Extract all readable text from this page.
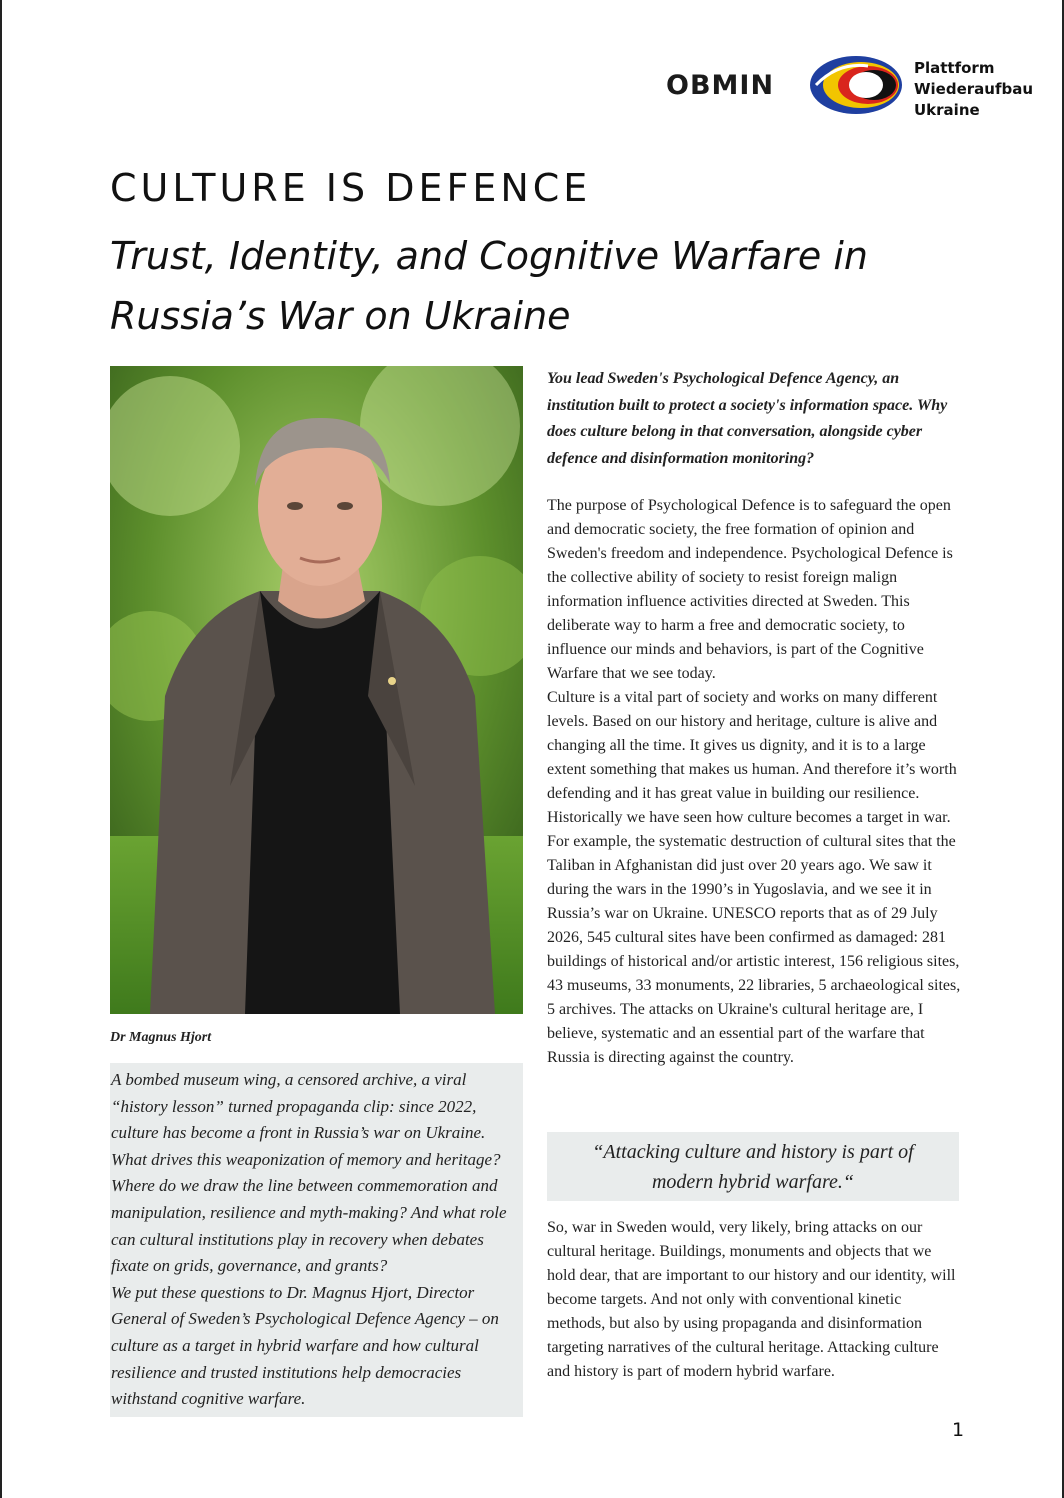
OBMIN
Plattform
Wiederaufbau
Ukraine
CULTURE IS DEFENCE
Trust, Identity, and Cognitive Warfare in
Russia’s War on Ukraine
Dr Magnus Hjort

A bombed museum wing, a censored archive, a viral “history lesson” turned propaganda clip: since 2022, culture has become a front in Russia’s war on Ukraine. What drives this weaponization of memory and heritage? Where do we draw the line between commemoration and manipulation, resilience and myth-making? And what role can cultural institutions play in recovery when debates fixate on grids, governance, and grants?

We put these questions to Dr. Magnus Hjort, Director General of Sweden’s Psychological Defence Agency – on culture as a target in hybrid warfare and how cultural resilience and trusted institutions help democracies withstand cognitive warfare.

You lead Sweden's Psychological Defence Agency, an institution built to protect a society's information space. Why does culture belong in that conversation, alongside cyber defence and disinformation monitoring?

The purpose of Psychological Defence is to safeguard the open and democratic society, the free formation of opinion and Sweden's freedom and independence. Psychological Defence is the collective ability of society to resist foreign malign information influence activities directed at Sweden. This deliberate way to harm a free and democratic society, to influence our minds and behaviors, is part of the Cognitive Warfare that we see today.

Culture is a vital part of society and works on many different levels. Based on our history and heritage, culture is alive and changing all the time. It gives us dignity, and it is to a large extent something that makes us human. And therefore it’s worth defending and it has great value in building our resilience.

Historically we have seen how culture becomes a target in war. For example, the systematic destruction of cultural sites that the Taliban in Afghanistan did just over 20 years ago. We saw it during the wars in the 1990’s in Yugoslavia, and we see it in Russia’s war on Ukraine. UNESCO reports that as of 29 July 2026, 545 cultural sites have been confirmed as damaged: 281 buildings of historical and/or artistic interest, 156 religious sites, 43 museums, 33 monuments, 22 libraries, 5 archaeological sites, 5 archives. The attacks on Ukraine's cultural heritage are, I believe, systematic and an essential part of the warfare that Russia is directing against the country.

“Attacking culture and history is part of
modern hybrid warfare.“

So, war in Sweden would, very likely, bring attacks on our cultural heritage. Buildings, monuments and objects that we hold dear, that are important to our history and our identity, will become targets. And not only with conventional kinetic methods, but also by using propaganda and disinformation targeting narratives of the cultural heritage. Attacking culture and history is part of modern hybrid warfare.

1
